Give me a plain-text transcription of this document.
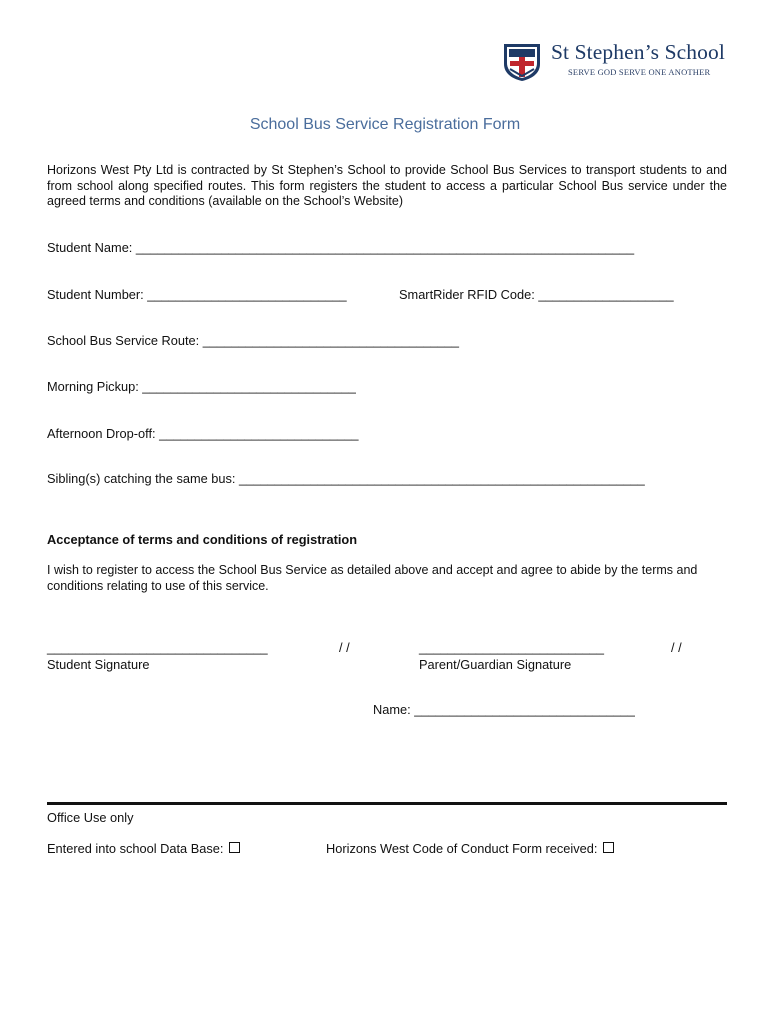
St Stephen’s School
SERVE GOD SERVE ONE ANOTHER
School Bus Service Registration Form
Horizons West Pty Ltd is contracted by St Stephen’s School to provide School Bus Services to transport students to and from school along specified routes. This form registers the student to access a particular School Bus service under the agreed terms and conditions (available on the School’s Website)
Student Name: ______________________________________________________________________
Student Number: ____________________________	SmartRider RFID Code: ___________________
School Bus Service Route: ____________________________________
Morning Pickup: ______________________________
Afternoon Drop-off: ____________________________
Sibling(s) catching the same bus: _________________________________________________________
Acceptance of terms and conditions of registration
I wish to register to access the School Bus Service as detailed above and accept and agree to abide by the terms and conditions relating to use of this service.
_______________________________	/ /
Student Signature
__________________________	/ /
Parent/Guardian Signature
Name: _______________________________
Office Use only
Entered into school Data Base:	Horizons West Code of Conduct Form received:
